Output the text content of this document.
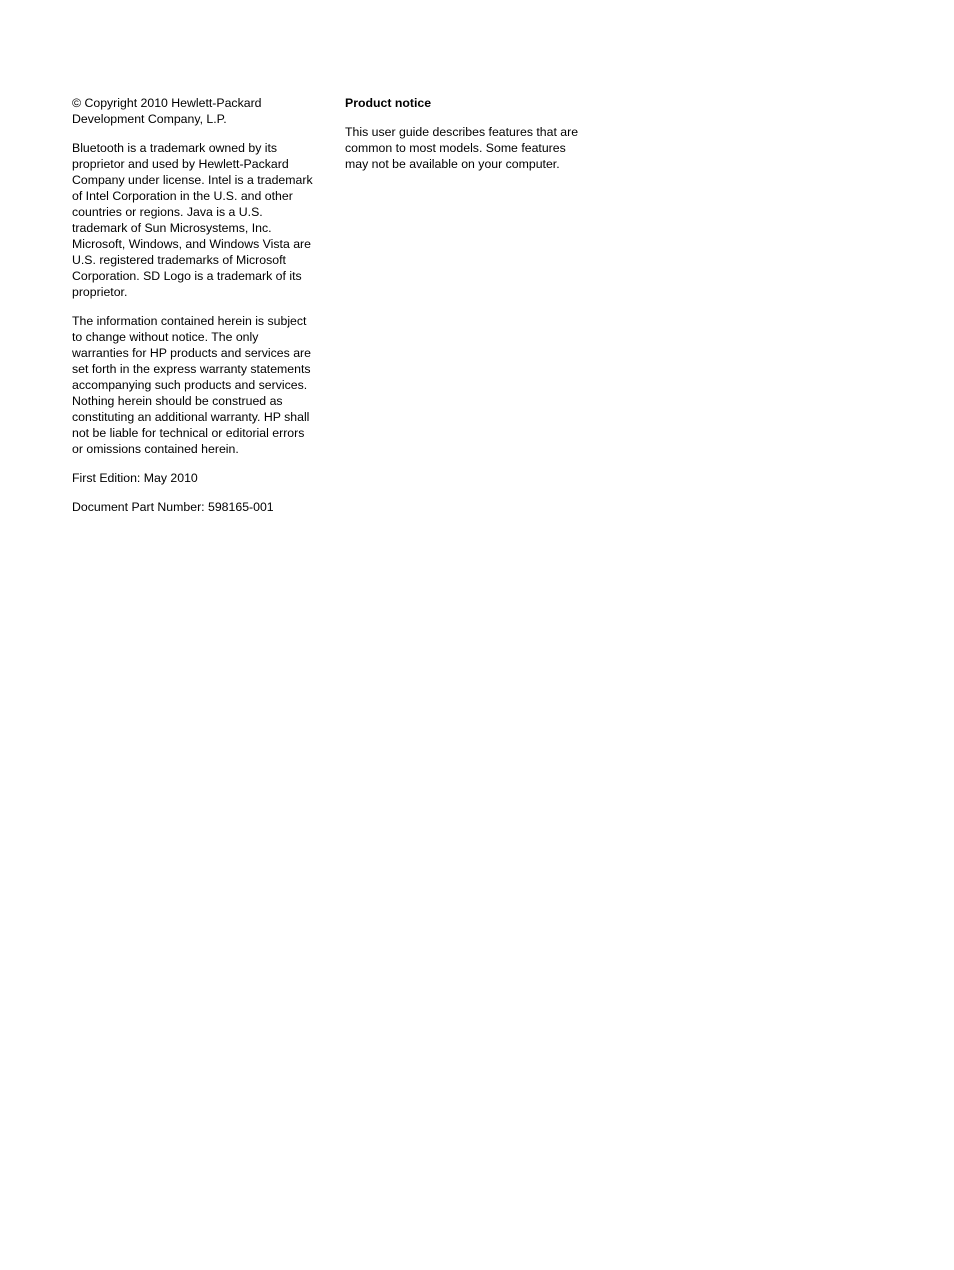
© Copyright 2010 Hewlett-Packard
Development Company, L.P.

Bluetooth is a trademark owned by its
proprietor and used by Hewlett-Packard
Company under license. Intel is a trademark
of Intel Corporation in the U.S. and other
countries or regions. Java is a U.S.
trademark of Sun Microsystems, Inc.
Microsoft, Windows, and Windows Vista are
U.S. registered trademarks of Microsoft
Corporation. SD Logo is a trademark of its
proprietor.

The information contained herein is subject
to change without notice. The only
warranties for HP products and services are
set forth in the express warranty statements
accompanying such products and services.
Nothing herein should be construed as
constituting an additional warranty. HP shall
not be liable for technical or editorial errors
or omissions contained herein.

First Edition: May 2010

Document Part Number: 598165-001

Product notice

This user guide describes features that are
common to most models. Some features
may not be available on your computer.
